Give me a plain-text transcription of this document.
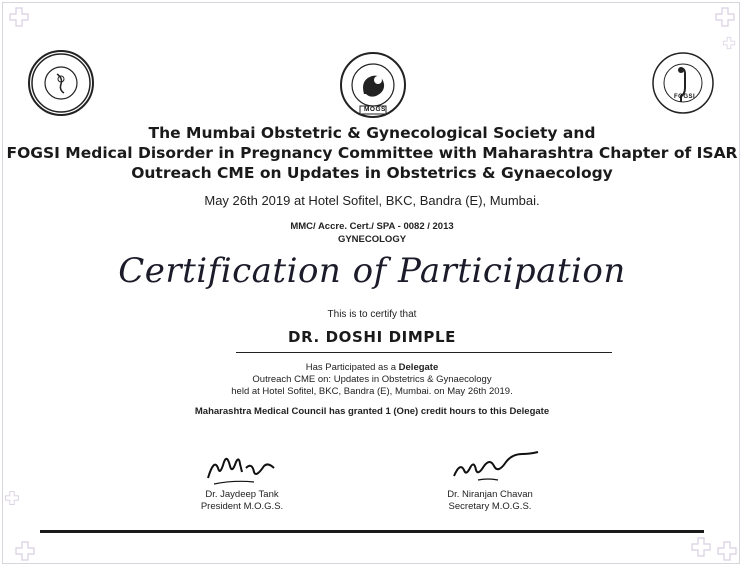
MOGS
FOGSI
The Mumbai Obstetric & Gynecological Society and
FOGSI Medical Disorder in Pregnancy Committee with Maharashtra Chapter of ISAR
Outreach CME on Updates in Obstetrics & Gynaecology
May 26th 2019 at Hotel Sofitel, BKC, Bandra (E), Mumbai.
MMC/ Accre. Cert./ SPA - 0082 / 2013
GYNECOLOGY
Certification of Participation
This is to certify that
DR. DOSHI DIMPLE
Has Participated as a Delegate
Outreach CME on: Updates in Obstetrics & Gynaecology
held at Hotel Sofitel, BKC, Bandra (E), Mumbai. on May 26th 2019.
Maharashtra Medical Council has granted 1 (One) credit hours to this Delegate
Dr. Jaydeep Tank
President M.O.G.S.
Dr. Niranjan Chavan
Secretary M.O.G.S.
